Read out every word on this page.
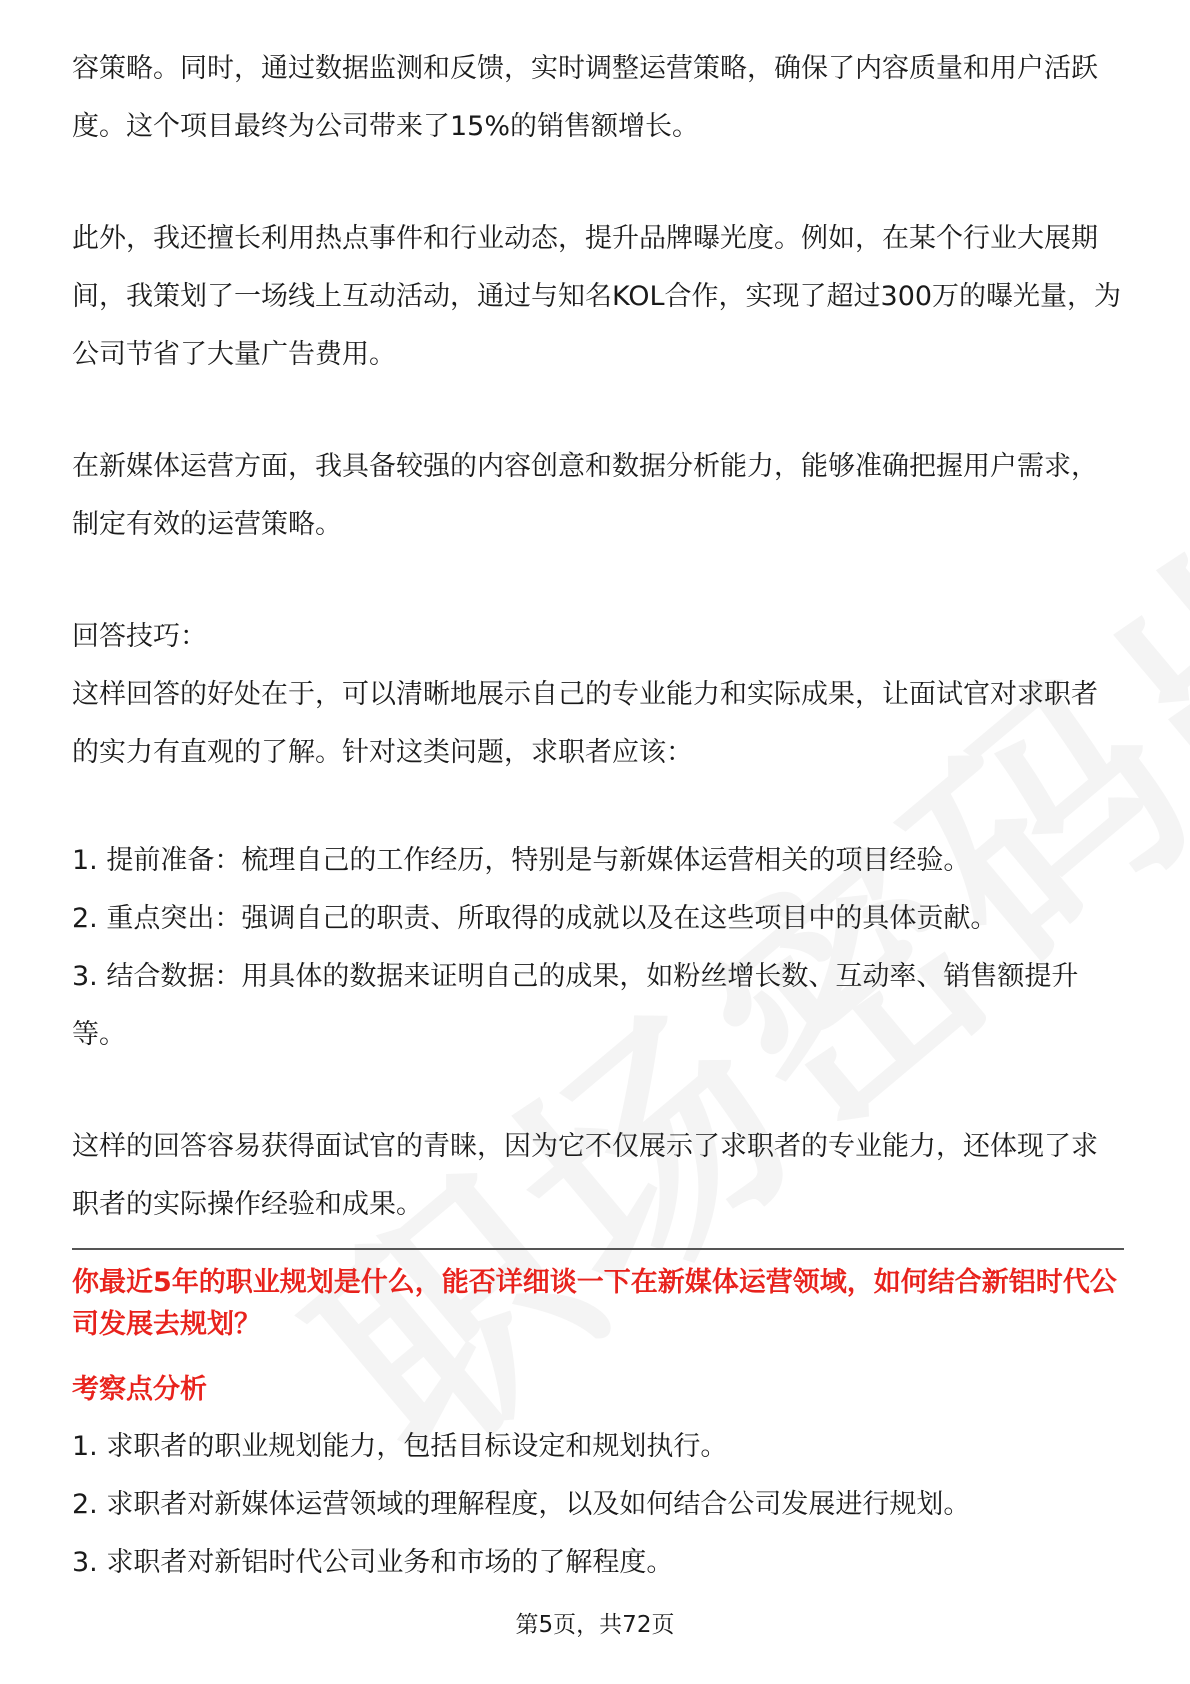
容策略。同时，通过数据监测和反馈，实时调整运营策略，确保了内容质量和用户活跃度。这个项目最终为公司带来了15%的销售额增长。

此外，我还擅长利用热点事件和行业动态，提升品牌曝光度。例如，在某个行业大展期间，我策划了一场线上互动活动，通过与知名KOL合作，实现了超过300万的曝光量，为公司节省了大量广告费用。

在新媒体运营方面，我具备较强的内容创意和数据分析能力，能够准确把握用户需求，制定有效的运营策略。

回答技巧：

这样回答的好处在于，可以清晰地展示自己的专业能力和实际成果，让面试官对求职者的实力有直观的了解。针对这类问题，求职者应该：

1. 提前准备：梳理自己的工作经历，特别是与新媒体运营相关的项目经验。

2. 重点突出：强调自己的职责、所取得的成就以及在这些项目中的具体贡献。

3. 结合数据：用具体的数据来证明自己的成果，如粉丝增长数、互动率、销售额提升等。

这样的回答容易获得面试官的青睐，因为它不仅展示了求职者的专业能力，还体现了求职者的实际操作经验和成果。

你最近5年的职业规划是什么，能否详细谈一下在新媒体运营领域，如何结合新铝时代公司发展去规划？

考察点分析

1. 求职者的职业规划能力，包括目标设定和规划执行。

2. 求职者对新媒体运营领域的理解程度，以及如何结合公司发展进行规划。

3. 求职者对新铝时代公司业务和市场的了解程度。

第5页，共72页
